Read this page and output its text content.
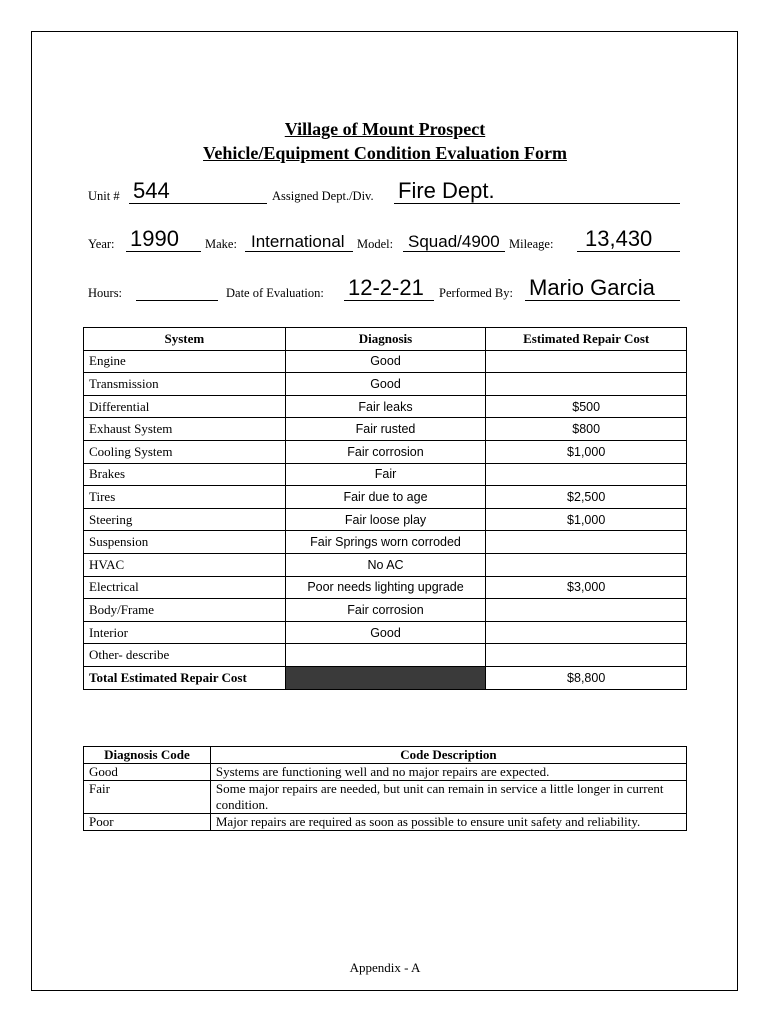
Village of Mount Prospect
Vehicle/Equipment Condition Evaluation Form
Unit # 544	Assigned Dept./Div. Fire Dept.
Year: 1990 Make: International Model: Squad/4900 Mileage: 13,430
Hours:	Date of Evaluation: 12-2-21 Performed By: Mario Garcia
System	Diagnosis	Estimated Repair Cost
Engine	Good	
Transmission	Good	
Differential	Fair leaks	$500
Exhaust System	Fair rusted	$800
Cooling System	Fair corrosion	$1,000
Brakes	Fair	
Tires	Fair due to age	$2,500
Steering	Fair loose play	$1,000
Suspension	Fair Springs worn corroded	
HVAC	No AC	
Electrical	Poor needs lighting upgrade	$3,000
Body/Frame	Fair corrosion	
Interior	Good	
Other- describe		
Total Estimated Repair Cost		$8,800
Diagnosis Code	Code Description
Good	Systems are functioning well and no major repairs are expected.
Fair	Some major repairs are needed, but unit can remain in service a little longer in current condition.
Poor	Major repairs are required as soon as possible to ensure unit safety and reliability.
Appendix - A
